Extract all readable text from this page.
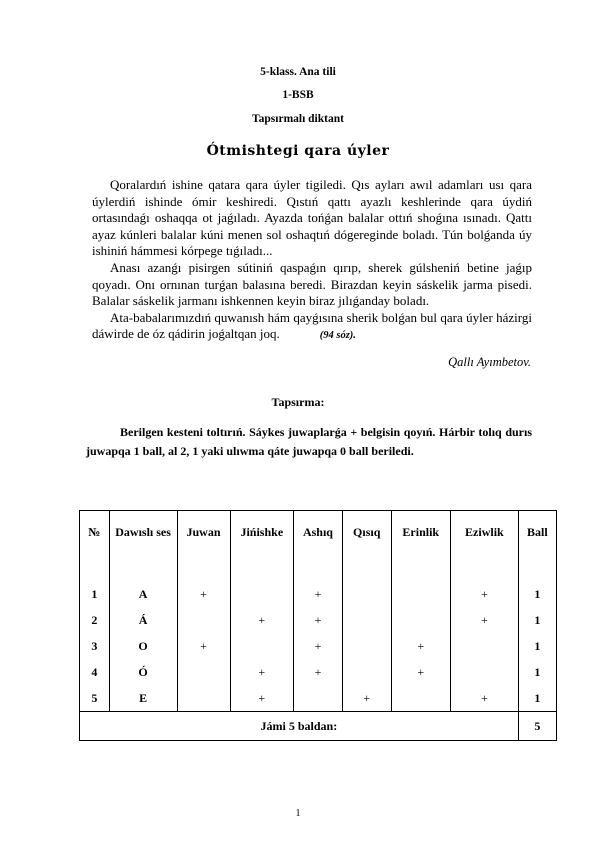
5-klass. Ana tili
1-BSB
Tapsırmalı diktant
Ótmishtegi qara úyler

Qoralardıń ishine qatara qara úyler tigiledi. Qıs ayları awıl adamları usı qara úylerdiń ishinde ómir keshiredi. Qıstıń qattı ayazlı keshlerinde qara úydiń ortasındaǵı oshaqqa ot jaǵıladı. Ayazda tońǵan balalar ottıń shoǵına ısınadı. Qattı ayaz kúnleri balalar kúni menen sol oshaqtıń dógereginde boladı. Tún bolǵanda úy ishiniń hámmesi kórpege tıǵıladı...

Anası azanǵı pisirgen sútiniń qaspaǵın qırıp, sherek gúlsheniń betine jaǵıp qoyadı. Onı ornınan turǵan balasına beredi. Birazdan keyin sáskelik jarma pisedi. Balalar sáskelik jarmanı ishkennen keyin biraz jılıǵanday boladı.

Ata-babalarımızdıń quwanısh hám qayǵısına sherik bolǵan bul qara úyler házirgi dáwirde de óz qádirin joǵaltqan joq.	(94 sóz).

Qallı Ayımbetov.
Tapsırma:
Berilgen kesteni toltırıń. Sáykes juwaplarǵa + belgisin qoyıń. Hárbir tolıq durıs juwapqa 1 ball, al 2, 1 yaki ulıwma qáte juwapqa 0 ball beriledi.
№	Dawıslı ses	Juwan	Jińishke	Ashıq	Qısıq	Erinlik	Eziwlik	Ball
1	A	+		+			+	1
2	Á		+	+			+	1
3	O	+		+		+		1
4	Ó		+	+		+		1
5	E		+		+		+	1
Jámi 5 baldan:								5
1
